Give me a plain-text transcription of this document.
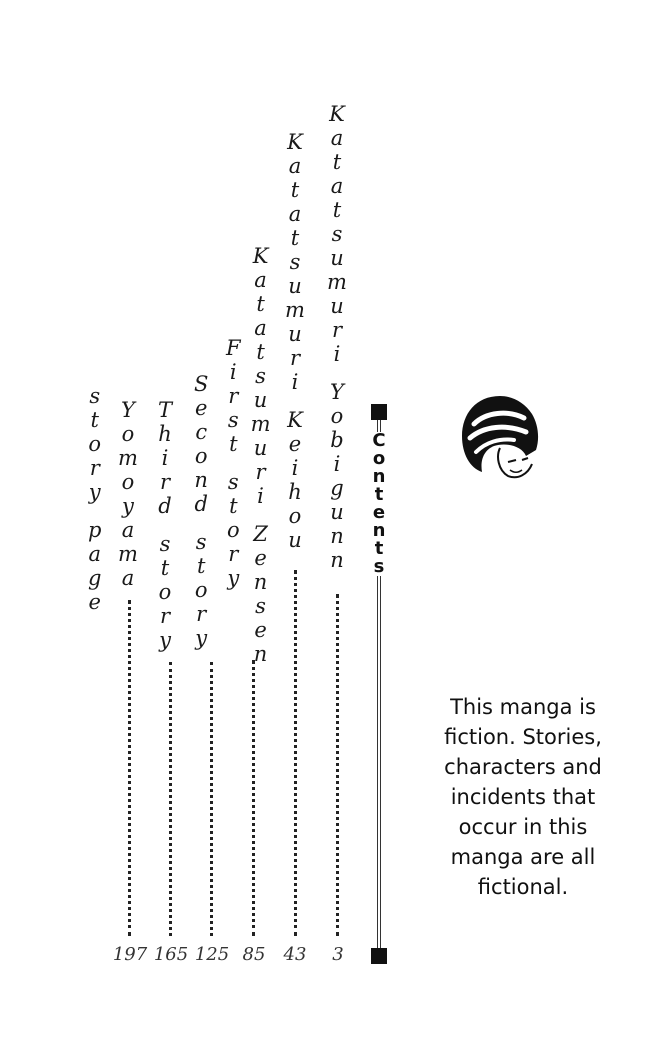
s
t
o
r
y
p
a
g
e
Y
o
m
o
y
a
m
a
T
h
i
r
d
s
t
o
r
y
S
e
c
o
n
d
s
t
o
r
y
F
i
r
s
t
s
t
o
r
y
K
a
t
a
t
s
u
m
u
r
i
Z
e
n
s
e
n
K
a
t
a
t
s
u
m
u
r
i
K
e
i
h
o
u
K
a
t
a
t
s
u
m
u
r
i
Y
o
b
i
g
u
n
n
197 165 125 85	43	3
C
o
n
t
e
n
t
s
This manga is fiction. Stories, characters and incidents that occur in this manga are all fictional.
